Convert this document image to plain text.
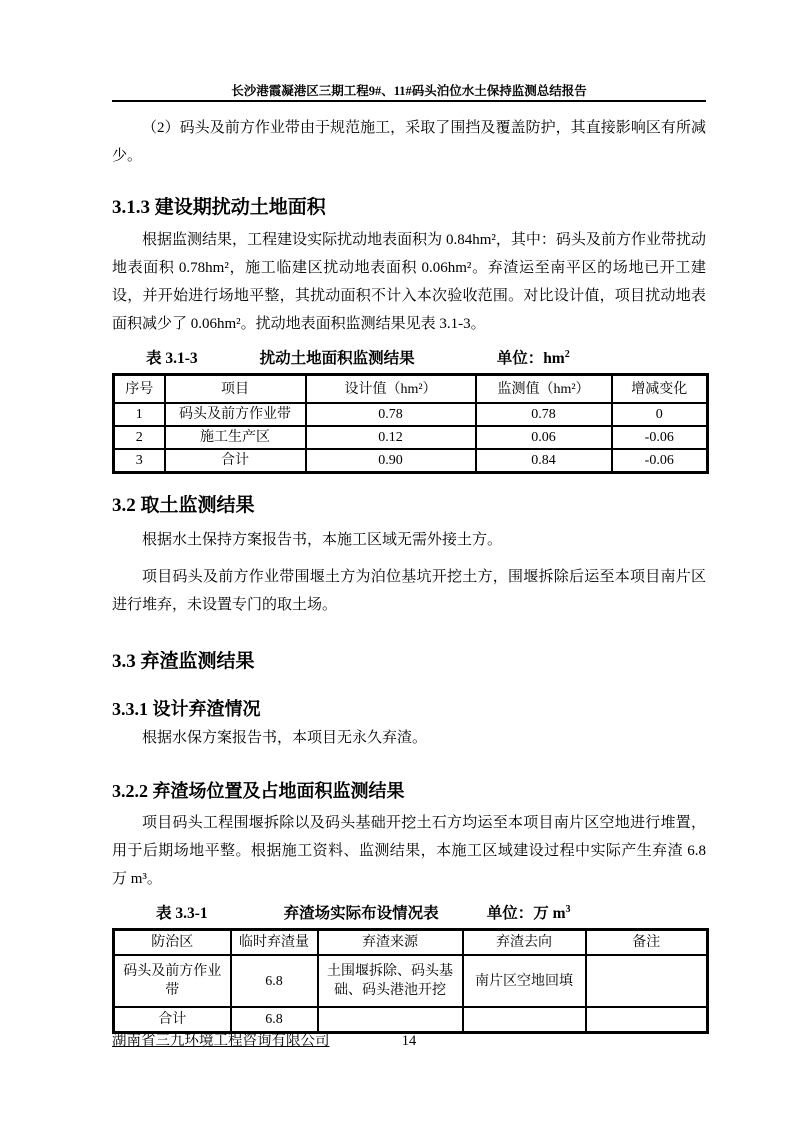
长沙港霞凝港区三期工程9#、11#码头泊位水土保持监测总结报告

（2）码头及前方作业带由于规范施工，采取了围挡及覆盖防护，其直接影响区有所减少。

3.1.3 建设期扰动土地面积

根据监测结果，工程建设实际扰动地表面积为 0.84hm²，其中：码头及前方作业带扰动地表面积 0.78hm²，施工临建区扰动地表面积 0.06hm²。弃渣运至南平区的场地已开工建设，并开始进行场地平整，其扰动面积不计入本次验收范围。对比设计值，项目扰动地表面积减少了 0.06hm²。扰动地表面积监测结果见表 3.1-3。

表 3.1-3	扰动土地面积监测结果	单位：$hm^2$
序号	项目	设计值（hm²）	监测值（hm²）	增减变化
1	码头及前方作业带	0.78	0.78	0
2	施工生产区	0.12	0.06	-0.06
3	合计	0.90	0.84	-0.06
3.2 取土监测结果

根据水土保持方案报告书，本施工区域无需外接土方。

项目码头及前方作业带围堰土方为泊位基坑开挖土方，围堰拆除后运至本项目南片区进行堆弃，未设置专门的取土场。

3.3 弃渣监测结果
3.3.1 设计弃渣情况

根据水保方案报告书，本项目无永久弃渣。

3.2.2 弃渣场位置及占地面积监测结果

项目码头工程围堰拆除以及码头基础开挖土石方均运至本项目南片区空地进行堆置，用于后期场地平整。根据施工资料、监测结果，本施工区域建设过程中实际产生弃渣 6.8 万 m³。

表 3.3-1	弃渣场实际布设情况表	单位：万 $m^3$
防治区	临时弃渣量	弃渣来源	弃渣去向	备注
码头及前方作业带	6.8	土围堰拆除、码头基础、码头港池开挖	南片区空地回填	
合计	6.8			
14
湖南省三九环境工程咨询有限公司
